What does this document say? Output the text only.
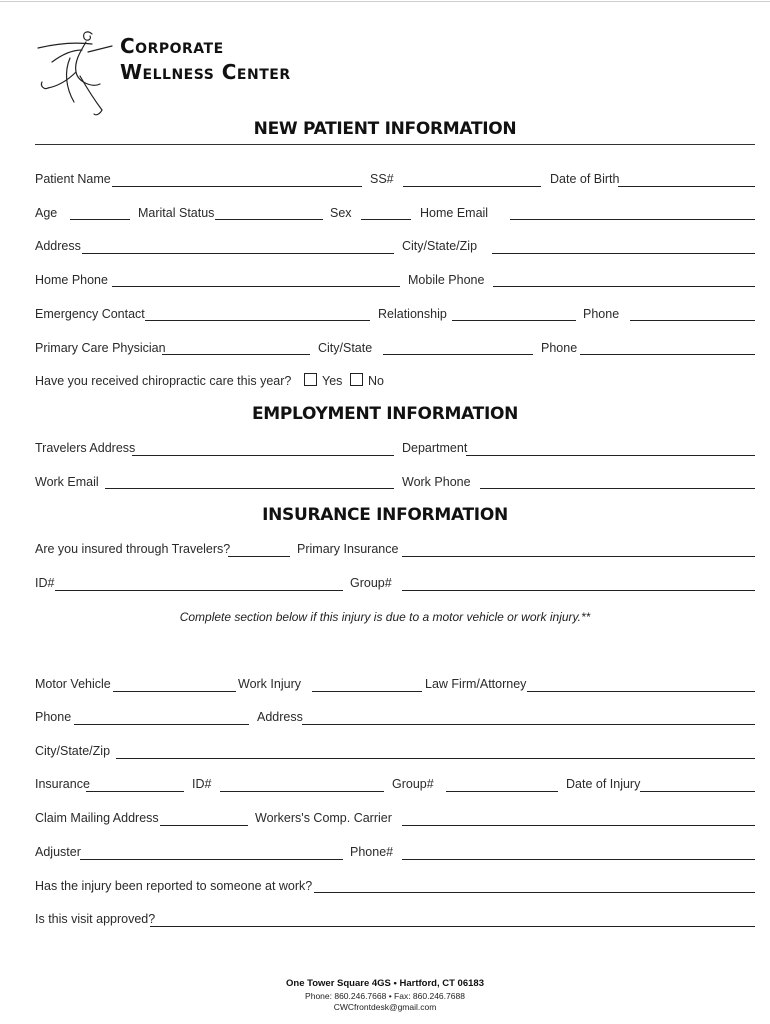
Corporate
Wellness Center
NEW PATIENT INFORMATION
Patient Name	SS#	Date of Birth
Age	Marital Status	Sex	Home Email
Address	City/State/Zip
Home Phone	Mobile Phone
Emergency Contact	Relationship	Phone
Primary Care Physician	City/State	Phone
Have you received chiropractic care this year? Yes No
EMPLOYMENT INFORMATION
Travelers Address	Department
Work Email	Work Phone
INSURANCE INFORMATION
Are you insured through Travelers?	Primary Insurance
ID#	Group#
Complete section below if this injury is due to a motor vehicle or work injury.**
Motor Vehicle	Work Injury	Law Firm/Attorney
Phone	Address
City/State/Zip
Insurance	ID#	Group#	Date of Injury
Claim Mailing Address	Workers's Comp. Carrier
Adjuster	Phone#
Has the injury been reported to someone at work?
Is this visit approved?
One Tower Square 4GS • Hartford, CT 06183
Phone: 860.246.7668 • Fax: 860.246.7688
CWCfrontdesk@gmail.com
